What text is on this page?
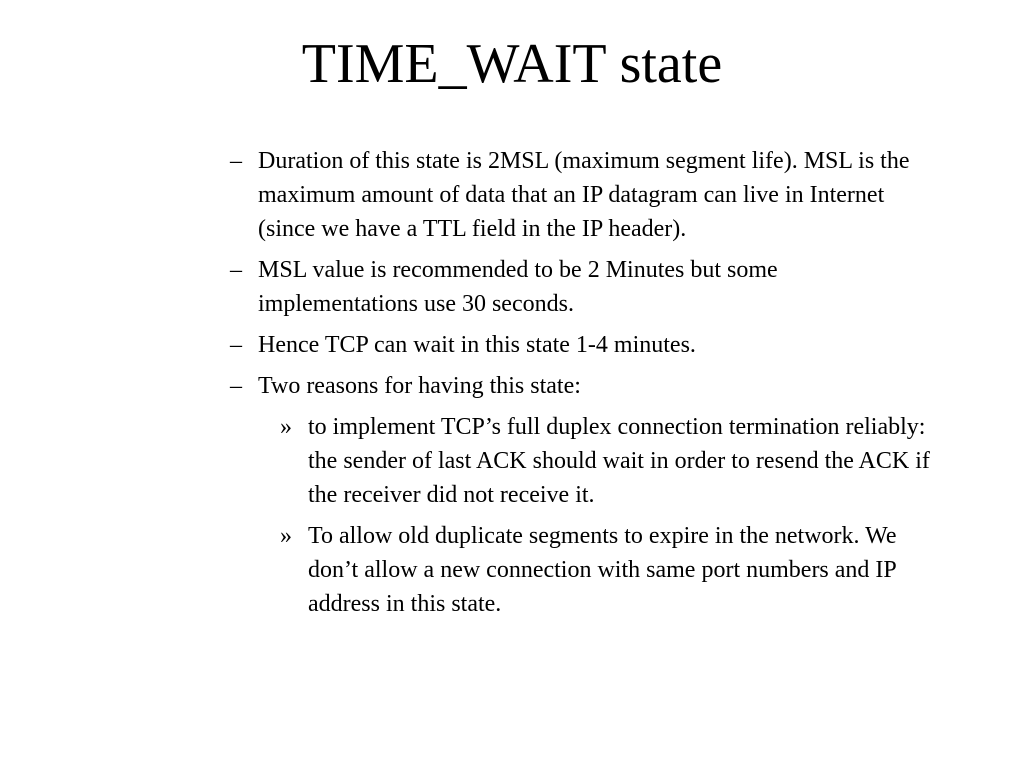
TIME_WAIT state
– Duration of this state is 2MSL (maximum segment life). MSL is the maximum amount of data that an IP datagram can live in Internet (since we have a TTL field in the IP header).
– MSL value is recommended to be 2 Minutes but some implementations use 30 seconds.
– Hence TCP can wait in this state 1-4 minutes.
– Two reasons for having this state:
» to implement TCP’s full duplex connection termination reliably: the sender of last ACK should wait in order to resend the ACK if the receiver did not receive it.
» To allow old duplicate segments to expire in the network. We don’t allow a new connection with same port numbers and IP address in this state.
